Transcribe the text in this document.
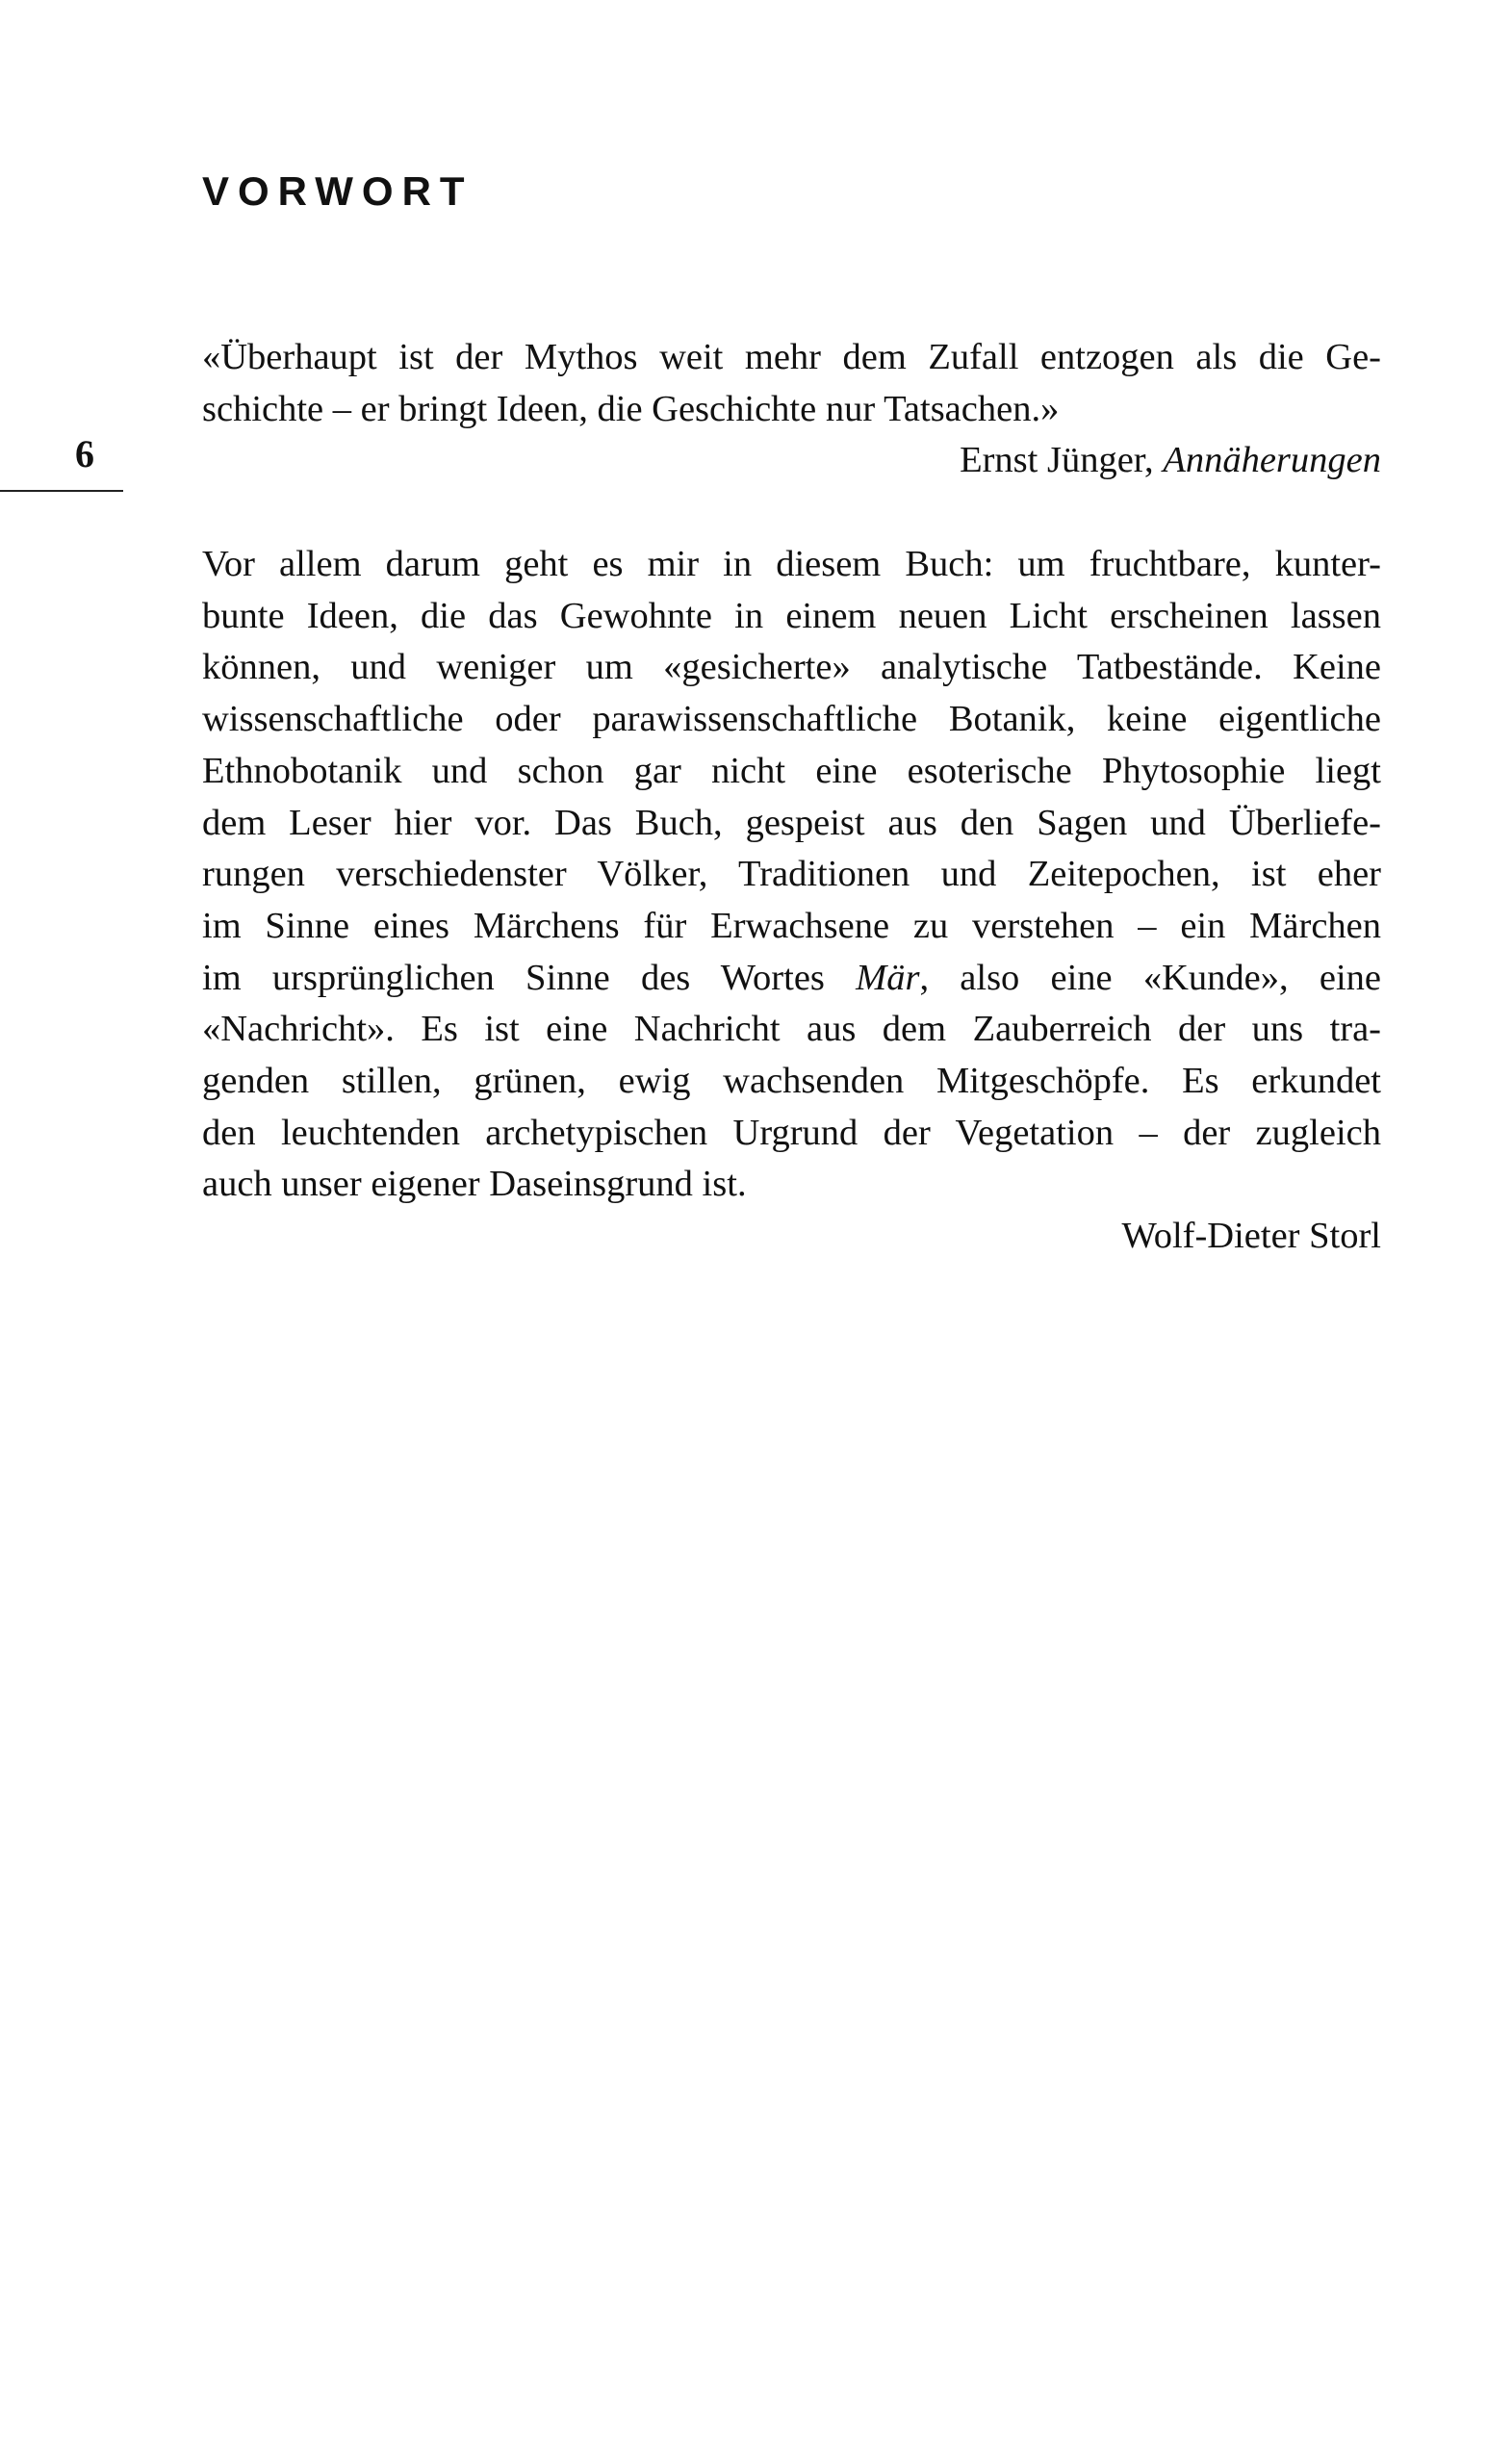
VORWORT
6
«Überhaupt ist der Mythos weit mehr dem Zufall entzogen als die Ge-
schichte – er bringt Ideen, die Geschichte nur Tatsachen.»
Ernst Jünger, Annäherungen
Vor allem darum geht es mir in diesem Buch: um fruchtbare, kunter-
bunte Ideen, die das Gewohnte in einem neuen Licht erscheinen lassen
können, und weniger um «gesicherte» analytische Tatbestände. Keine
wissenschaftliche oder parawissenschaftliche Botanik, keine eigentliche
Ethnobotanik und schon gar nicht eine esoterische Phytosophie liegt
dem Leser hier vor. Das Buch, gespeist aus den Sagen und Überliefe-
rungen verschiedenster Völker, Traditionen und Zeitepochen, ist eher
im Sinne eines Märchens für Erwachsene zu verstehen – ein Märchen
im ursprünglichen Sinne des Wortes Mär, also eine «Kunde», eine
«Nachricht». Es ist eine Nachricht aus dem Zauberreich der uns tra-
genden stillen, grünen, ewig wachsenden Mitgeschöpfe. Es erkundet
den leuchtenden archetypischen Urgrund der Vegetation – der zugleich
auch unser eigener Daseinsgrund ist.
Wolf-Dieter Storl
